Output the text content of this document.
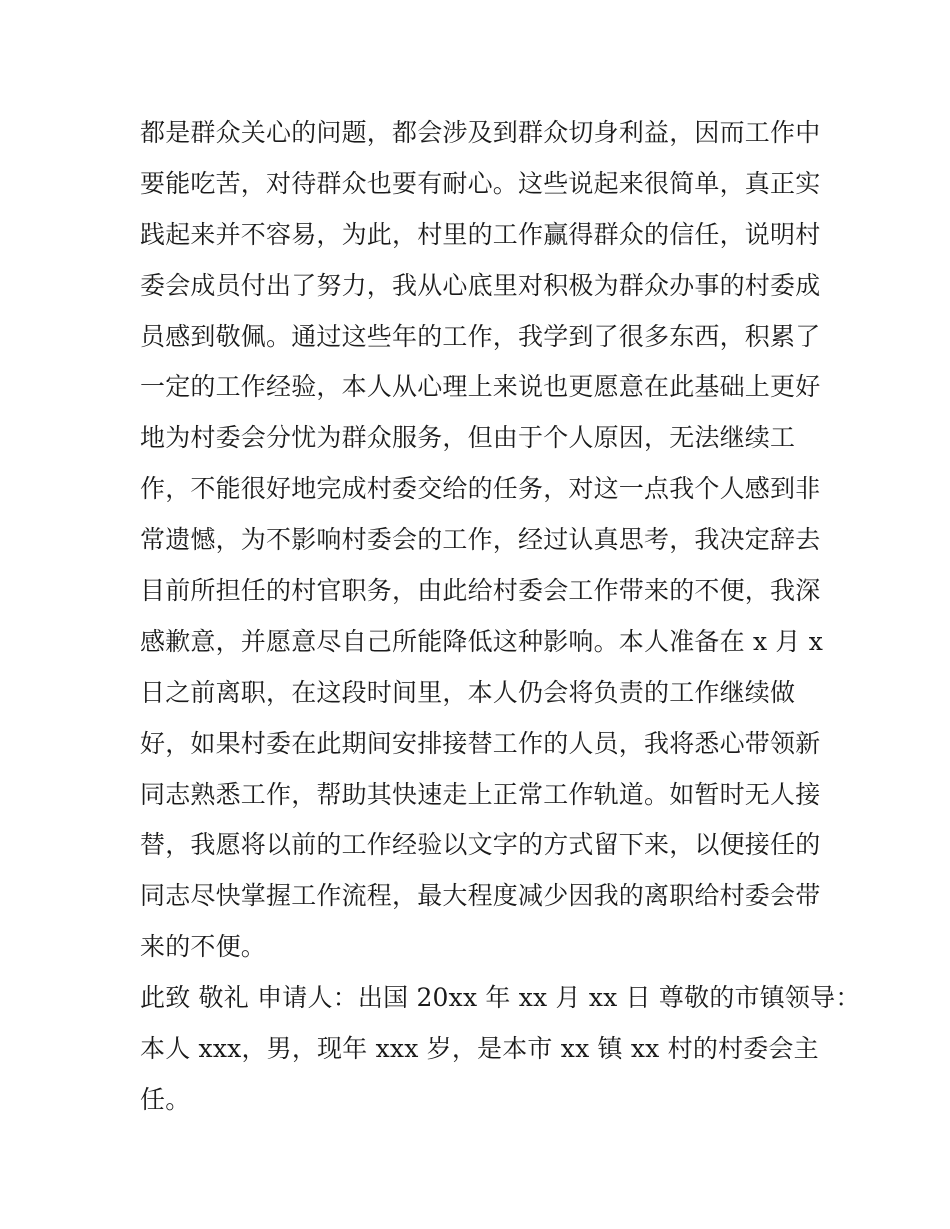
都是群众关心的问题，都会涉及到群众切身利益，因而工作中
要能吃苦，对待群众也要有耐心。这些说起来很简单，真正实
践起来并不容易，为此，村里的工作赢得群众的信任，说明村
委会成员付出了努力，我从心底里对积极为群众办事的村委成
员感到敬佩。通过这些年的工作，我学到了很多东西，积累了
一定的工作经验，本人从心理上来说也更愿意在此基础上更好
地为村委会分忧为群众服务，但由于个人原因，无法继续工
作，不能很好地完成村委交给的任务，对这一点我个人感到非
常遗憾，为不影响村委会的工作，经过认真思考，我决定辞去
目前所担任的村官职务，由此给村委会工作带来的不便，我深
感歉意，并愿意尽自己所能降低这种影响。本人准备在 x 月 x
日之前离职，在这段时间里，本人仍会将负责的工作继续做
好，如果村委在此期间安排接替工作的人员，我将悉心带领新
同志熟悉工作，帮助其快速走上正常工作轨道。如暂时无人接
替，我愿将以前的工作经验以文字的方式留下来，以便接任的
同志尽快掌握工作流程，最大程度减少因我的离职给村委会带
来的不便。
此致 敬礼 申请人：出国 20xx 年 xx 月 xx 日 尊敬的市镇领导：
本人 xxx，男，现年 xxx 岁，是本市 xx 镇 xx 村的村委会主
任。
